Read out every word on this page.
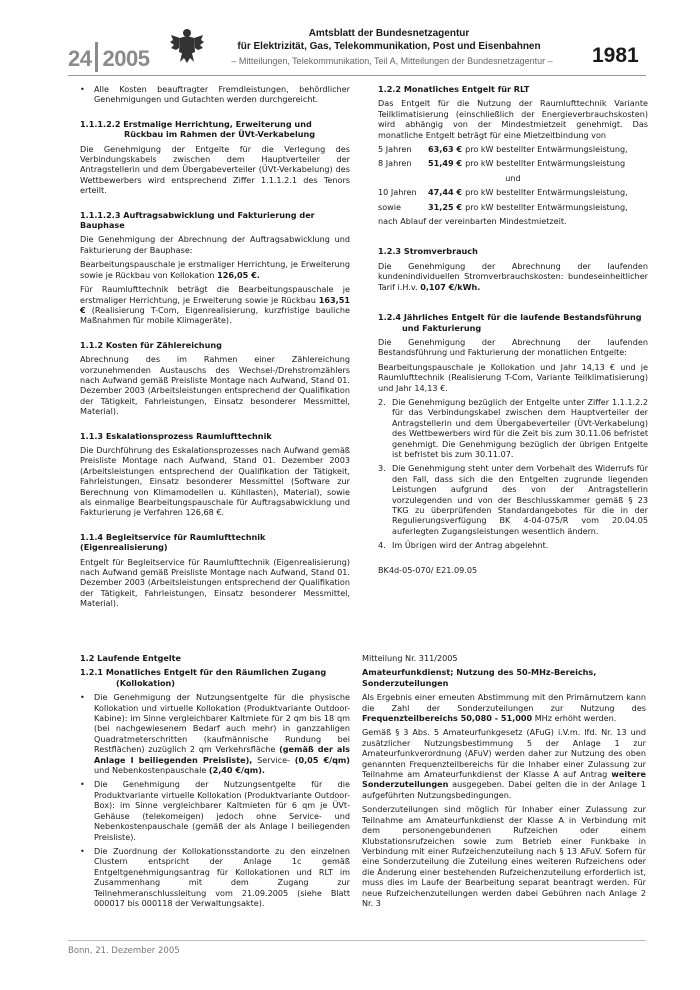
24 2005
Amtsblatt der Bundesnetzagentur
für Elektrizität, Gas, Telekommunikation, Post und Eisenbahnen
– Mitteilungen, Telekommunikation, Teil A, Mitteilungen der Bundesnetzagentur –	1981
• Alle Kosten beauftragter Fremdleistungen, behördlicher Genehmigungen und Gutachten werden durchgereicht.
1.1.1.2.2 Erstmalige Herrichtung, Erweiterung und Rückbau im Rahmen der ÜVt-Verkabelung

Die Genehmigung der Entgelte für die Verlegung des Verbindungskabels zwischen dem Hauptverteiler der Antragstellerin und dem Übergabeverteiler (ÜVt-Verkabelung) des Wettbewerbers wird entsprechend Ziffer 1.1.1.2.1 des Tenors erteilt.

1.1.1.2.3 Auftragsabwicklung und Fakturierung der Bauphase

Die Genehmigung der Abrechnung der Auftragsabwicklung und Fakturierung der Bauphase:

Bearbeitungspauschale je erstmaliger Herrichtung, je Erweiterung sowie je Rückbau von Kollokation 126,05 €.

Für Raumlufttechnik beträgt die Bearbeitungspauschale je erstmaliger Herrichtung, je Erweiterung sowie je Rückbau 163,51 € (Realisierung T-Com, Eigenrealisierung, kurzfristige bauliche Maßnahmen für mobile Klimageräte).

1.1.2 Kosten für Zählereichung

Abrechnung des im Rahmen einer Zählereichung vorzunehmenden Austauschs des Wechsel-/Drehstromzählers nach Aufwand gemäß Preisliste Montage nach Aufwand, Stand 01. Dezember 2003 (Arbeitsleistungen entsprechend der Qualifikation der Tätigkeit, Fahrleistungen, Einsatz besonderer Messmittel, Material).

1.1.3 Eskalationsprozess Raumlufttechnik

Die Durchführung des Eskalationsprozesses nach Aufwand gemäß Preisliste Montage nach Aufwand, Stand 01. Dezember 2003 (Arbeitsleistungen entsprechend der Qualifikation der Tätigkeit, Fahrleistungen, Einsatz besonderer Messmittel (Software zur Berechnung von Klimamodellen u. Kühllasten), Material), sowie als einmalige Bearbeitungspauschale für Auftragsabwicklung und Fakturierung je Verfahren 126,68 €.

1.1.4 Begleitservice für Raumlufttechnik (Eigenrealisierung)

Entgelt für Begleitservice für Raumlufttechnik (Eigenrealisierung) nach Aufwand gemäß Preisliste Montage nach Aufwand, Stand 01. Dezember 2003 (Arbeitsleistungen entsprechend der Qualifikation der Tätigkeit, Fahrleistungen, Einsatz besonderer Messmittel, Material).

1.2.2 Monatliches Entgelt für RLT

Das Entgelt für die Nutzung der Raumlufttechnik Variante Teilklimatisierung (einschließlich der Energieverbrauchskosten) wird abhängig von der Mindestmietzeit genehmigt. Das monatliche Entgelt beträgt für eine Mietzeitbindung von

5 Jahren	63,63 € pro kW bestellter Entwärmungsleistung,
8 Jahren	51,49 € pro kW bestellter Entwärmungsleistung
und
10 Jahren	47,44 € pro kW bestellter Entwärmungsleistung,
sowie	31,25 € pro kW bestellter Entwärmungsleistung,

nach Ablauf der vereinbarten Mindestmietzeit.

1.2.3 Stromverbrauch

Die Genehmigung der Abrechnung der laufenden kundenindividuellen Stromverbrauchskosten: bundeseinheitlicher Tarif i.H.v. 0,107 €/kWh.

1.2.4 Jährliches Entgelt für die laufende Bestandsführung und Fakturierung

Die Genehmigung der Abrechnung der laufenden Bestandsführung und Fakturierung der monatlichen Entgelte:

Bearbeitungspauschale je Kollokation und Jahr 14,13 € und je Raumlufttechnik (Realisierung T-Com, Variante Teilklimatisierung) und Jahr 14,13 €.

2. Die Genehmigung bezüglich der Entgelte unter Ziffer 1.1.1.2.2 für das Verbindungskabel zwischen dem Hauptverteiler der Antragstellerin und dem Übergabeverteiler (ÜVt-Verkabelung) des Wettbewerbers wird für die Zeit bis zum 30.11.06 befristet genehmigt. Die Genehmigung bezüglich der übrigen Entgelte ist befristet bis zum 30.11.07.
3. Die Genehmigung steht unter dem Vorbehalt des Widerrufs für den Fall, dass sich die den Entgelten zugrunde liegenden Leistungen aufgrund des von der Antragstellerin vorzulegenden und von der Beschlusskammer gemäß § 23 TKG zu überprüfenden Standardangebotes für die in der Regulierungsverfügung BK 4-04-075/R vom 20.04.05 auferlegten Zugangsleistungen wesentlich ändern.
4. Im Übrigen wird der Antrag abgelehnt.

BK4d-05-070/ E21.09.05

1.2 Laufende Entgelte
1.2.1 Monatliches Entgelt für den Räumlichen Zugang (Kollokation)
• Die Genehmigung der Nutzungsentgelte für die physische Kollokation und virtuelle Kollokation (Produktvariante Outdoor-Kabine): im Sinne vergleichbarer Kaltmiete für 2 qm bis 18 qm (bei nachgewiesenem Bedarf auch mehr) in ganzzahligen Quadratmeterschritten (kaufmännische Rundung bei Restflächen) zuzüglich 2 qm Verkehrsfläche (gemäß der als Anlage I beiliegenden Preisliste), Service- (0,05 €/qm) und Nebenkostenpauschale (2,40 €/qm).
• Die Genehmigung der Nutzungsentgelte für die Produktvariante virtuelle Kollokation (Produktvariante Outdoor-Box): im Sinne vergleichbarer Kaltmieten für 6 qm je ÜVt-Gehäuse (telekomeigen) jedoch ohne Service- und Nebenkostenpauschale (gemäß der als Anlage I beiliegenden Preisliste).
• Die Zuordnung der Kollokationsstandorte zu den einzelnen Clustern entspricht der Anlage 1c gemäß Entgeltgenehmigungsantrag für Kollokationen und RLT im Zusammenhang mit dem Zugang zur Teilnehmeranschlussleitung vom 21.09.2005 (siehe Blatt 000017 bis 000118 der Verwaltungsakte).

Mitteilung Nr. 311/2005

Amateurfunkdienst; Nutzung des 50-MHz-Bereichs, Sonderzuteilungen

Als Ergebnis einer erneuten Abstimmung mit den Primärnutzern kann die Zahl der Sonderzuteilungen zur Nutzung des Frequenzteilbereichs 50,080 - 51,000 MHz erhöht werden.

Gemäß § 3 Abs. 5 Amateurfunkgesetz (AFuG) i.V.m. lfd. Nr. 13 und zusätzlicher Nutzungsbestimmung 5 der Anlage 1 zur Amateurfunkverordnung (AFuV) werden daher zur Nutzung des oben genannten Frequenzteilbereichs für die Inhaber einer Zulassung zur Teilnahme am Amateurfunkdienst der Klasse A auf Antrag weitere Sonderzuteilungen ausgegeben. Dabei gelten die in der Anlage 1 aufgeführten Nutzungsbedingungen.

Sonderzuteilungen sind möglich für Inhaber einer Zulassung zur Teilnahme am Amateurfunkdienst der Klasse A in Verbindung mit dem personengebundenen Rufzeichen oder einem Klubstationsrufzeichen sowie zum Betrieb einer Funkbake in Verbindung mit einer Rufzeichenzuteilung nach § 13 AFuV. Sofern für eine Sonderzuteilung die Zuteilung eines weiteren Rufzeichens oder die Änderung einer bestehenden Rufzeichenzuteilung erforderlich ist, muss dies im Laufe der Bearbeitung separat beantragt werden. Für neue Rufzeichenzuteilungen werden dabei Gebühren nach Anlage 2 Nr. 3

Bonn, 21. Dezember 2005
